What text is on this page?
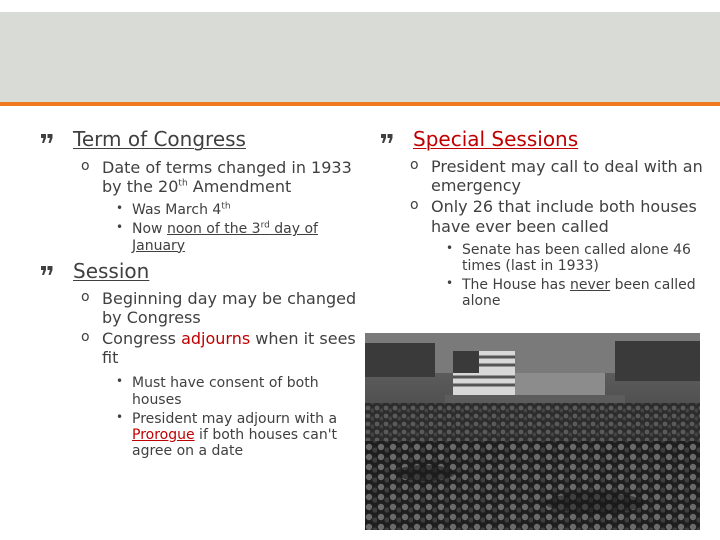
Term of Congress

o Date of terms changed in 1933 by the 20th Amendment

• Was March 4th

• Now noon of the 3rd day of January

Session

o Beginning day may be changed by Congress

o Congress adjourns when it sees fit

• Must have consent of both houses

• President may adjourn with a Prorogue if both houses can't agree on a date

Special Sessions

o President may call to deal with an emergency

o Only 26 that include both houses have ever been called

• Senate has been called alone 46 times (last in 1933)

• The House has never been called alone
